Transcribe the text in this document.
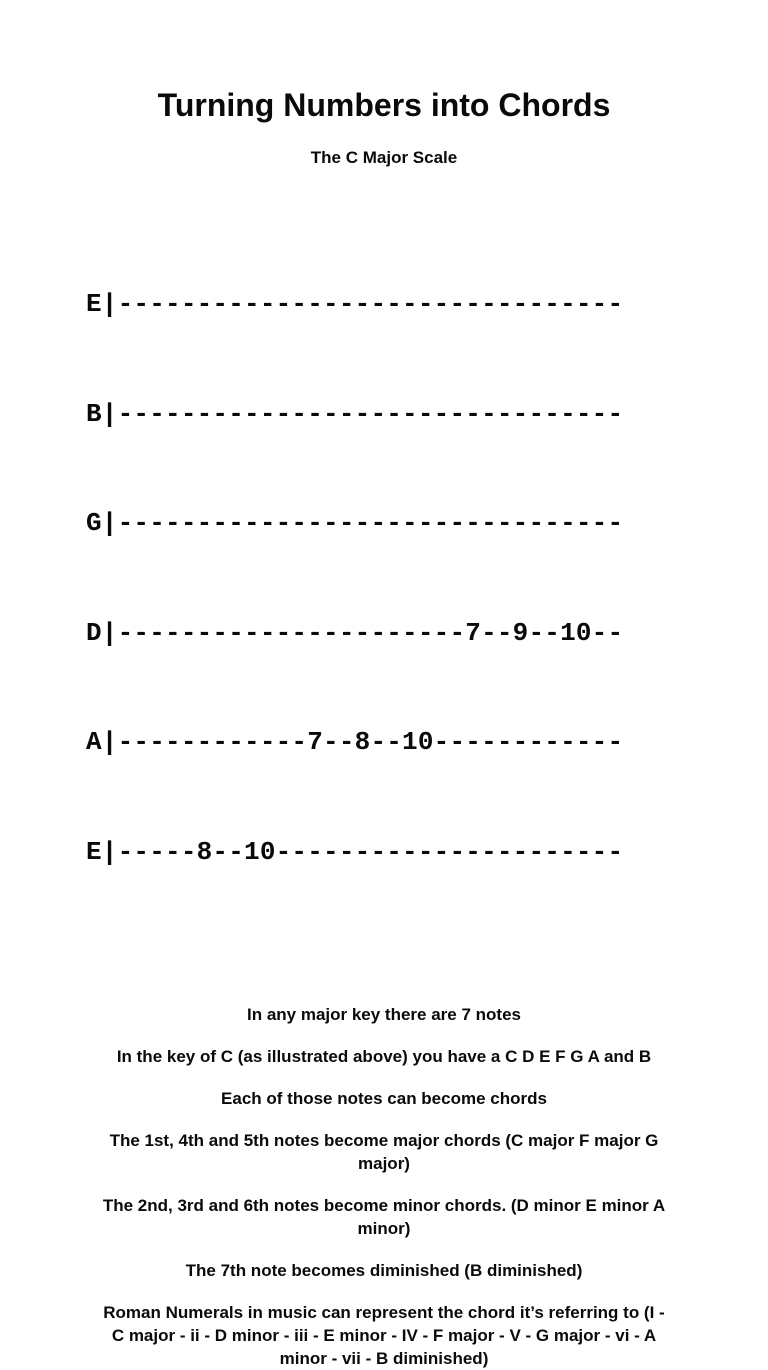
Turning Numbers into Chords
The C Major Scale

E|--------------------------------

B|--------------------------------

G|--------------------------------

D|----------------------7--9--10--

A|------------7--8--10------------

E|-----8--10----------------------

In any major key there are 7 notes

In the key of C (as illustrated above) you have a C D E F G A and B

Each of those notes can become chords

The 1st, 4th and 5th notes become major chords (C major F major G
major)

The 2nd, 3rd and 6th notes become minor chords. (D minor E minor A
minor)

The 7th note becomes diminished (B diminished)

Roman Numerals in music can represent the chord it’s referring to (I -
C major - ii - D minor - iii - E minor - IV - F major - V - G major - vi - A
minor - vii - B diminished)
